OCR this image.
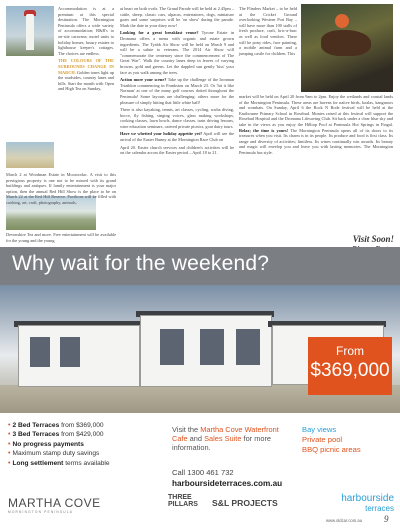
Accommodation is at a premium at this special destination. The Mornington Peninsula offers a wide variety of accommodation; B&B's to on-site caravans; motel units to holiday homes; luxury estates to lighthouse keeper's cottages. The choices are endless.

THE COLOURS OF THE SURROUNDS CHANGE IN MARCH. Golden tones light up the roadsides, country lanes and hills. Start the month with Open and High Tea on Sunday,

March 2 at Woodman Estate in Moorooduc. A visit to this prestigious property is one not to be missed with its grand buildings and antiques. If family entertainment is your major option, then the annual Red Hill Show is the place to be on March 22 at the Red Hill Reserve. Pavilions will be filled with cooking, art, craft, photography, animals,

Devonshire Tea and more. Free entertainment will be available for the young and the young

at heart on both ovals. The Grand Parade will be held at 2.45pm – cattle, sheep, classic cars, alpacas, entertainers, dogs, miniature goats and some surprises will be 'on show' during the parade. Mark the date in your diary now!

Looking for a great breakfast venue? Tyrone Estate in Dromana offers a menu with organic and estate grown ingredients. The Tyabb Air Show will be held on March 9 and will be a salute to veterans. The 2014 Air Show will "commemorate the centenary since the commencement of The Great War". Walk the country lanes deep in leaves of varying browns, gold and greens. Let the dappled sun gently 'kiss' your face as you walk among the trees.

Action more your scene? Take up the challenge of the Ironman Triathlon commencing in Frankston on March 23. Or 'hit it like Norman' at one of the many golf courses dotted throughout the Peninsula! Some layouts are challenging: others more for the pleasure of simply hitting that little white ball!

There is also kayaking, tennis, art classes, cycling, scuba diving, bocce, fly fishing, singing voices, glass making workshops, cooking classes, lawn bowls, dance classes, train driving lessons, wine education seminars, catered private picnics, goat dairy tours.

Have we whetted your holiday appetite yet? April will see the arrival of the Easter Bunny at the Mornington Race Club on

April 20. Easter church services and children's activities will be on the calendar across the Easter period – April 18 to 21.

The Flinders Market – to be held at the Cricket Ground overlooking Western Port Bay – will have more than 100 stalls of fresh produce, craft, bric-a-brac as well as food vendors. There will be pony rides, face painting, a mobile animal farm and a jumping castle for children. This

market will be held on April 20 from 9am to 2pm. Enjoy the wetlands and coastal lands of the Mornington Peninsula. These areas are havens for native birds, koalas, kangaroos and wombats. On Sunday, April 6 the Rock N Rode festival will be held at the Eastbourne Primary School in Rosebud. Monies raised at this festival will support the Rosebud Hospital and the Dromana Lifesaving Club. Sit back under a clear blue sky and take in the views as you enjoy the Hilltop Pool at Peninsula Hot Springs in Fingal. Relax; the time is yours! The Mornington Peninsula opens all of its doors to its treasures when you visit. Its charm is in its people. Its produce and food is first class. Its range and diversity of activities; limitless. Its wines continually win awards. Its beauty and magic will envelop you and leave you with lasting memories. The Mornington Peninsula has style.

Visit Soon!
Why wait for the weekend?
From
$369,000
• 2 Bed Terraces from $369,000
• 3 Bed Terraces from $429,000
• No progress payments
• Maximum stamp duty savings
• Long settlement terms available
Visit the Martha Cove Waterfront Cafe and Sales Suite for more information.
Call 1300 461 732
harboursideterraces.com.au
Bay views
Private pool
BBQ picnic areas
MARTHA COVE
MORNINGTON PENINSULA
THREE
PILLARS	S&L PROJECTS	harbourside
terraces
www.oldcar.com.au 9
